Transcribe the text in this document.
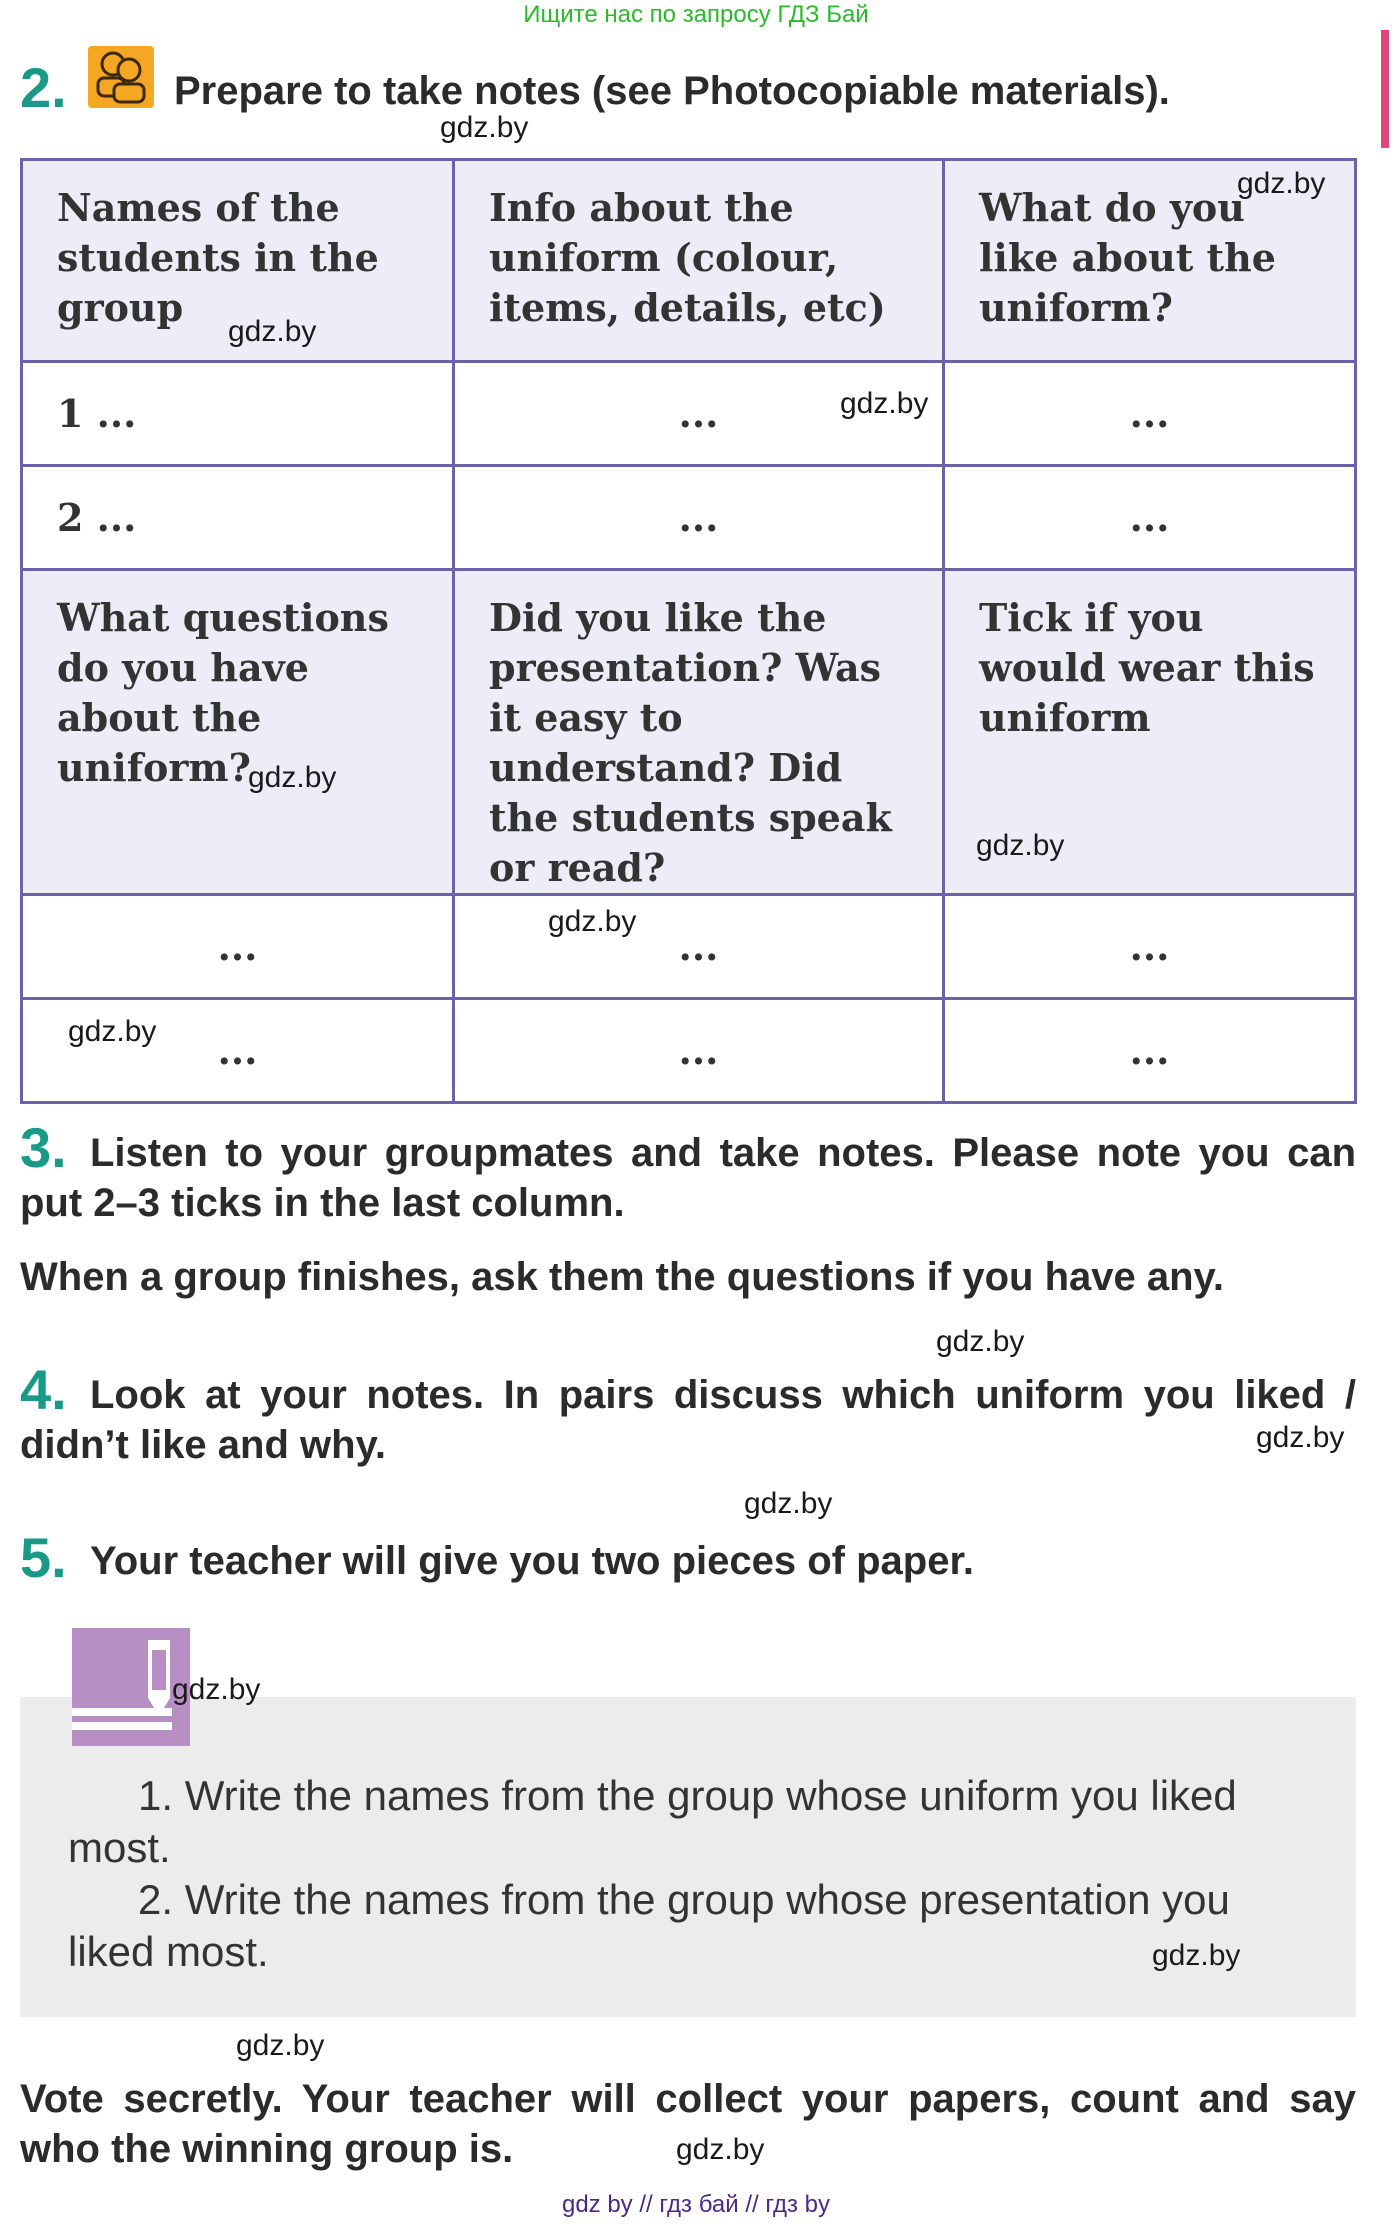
Ищите нас по запросу ГДЗ Бай
2.	Prepare to take notes (see Photocopiable materials).
Names of the students in the group	Info about the uniform (colour, items, details, etc)	What do you like about the uniform?
1 ...	...	...
2 ...	...	...
What questions do you have about the uniform?	Did you like the presentation? Was it easy to understand? Did the students speak or read?	Tick if you would wear this uniform
...	...	...
...	...	...
3. Listen to your groupmates and take notes. Please note you can put 2–3 ticks in the last column.
When a group finishes, ask them the questions if you have any.
4. Look at your notes. In pairs discuss which uniform you liked / didn’t like and why.
5. Your teacher will give you two pieces of paper.
1. Write the names from the group whose uniform you liked most.
2. Write the names from the group whose presentation you liked most.
Vote secretly. Your teacher will collect your papers, count and say who the winning group is.
gdz.by
gdz.by
gdz.by
gdz.by
gdz.by
gdz.by
gdz.by
gdz.by
gdz.by
gdz.by
gdz.by
gdz.by
gdz.by
gdz.by
gdz.by
gdz by // гдз бай // гдз by
